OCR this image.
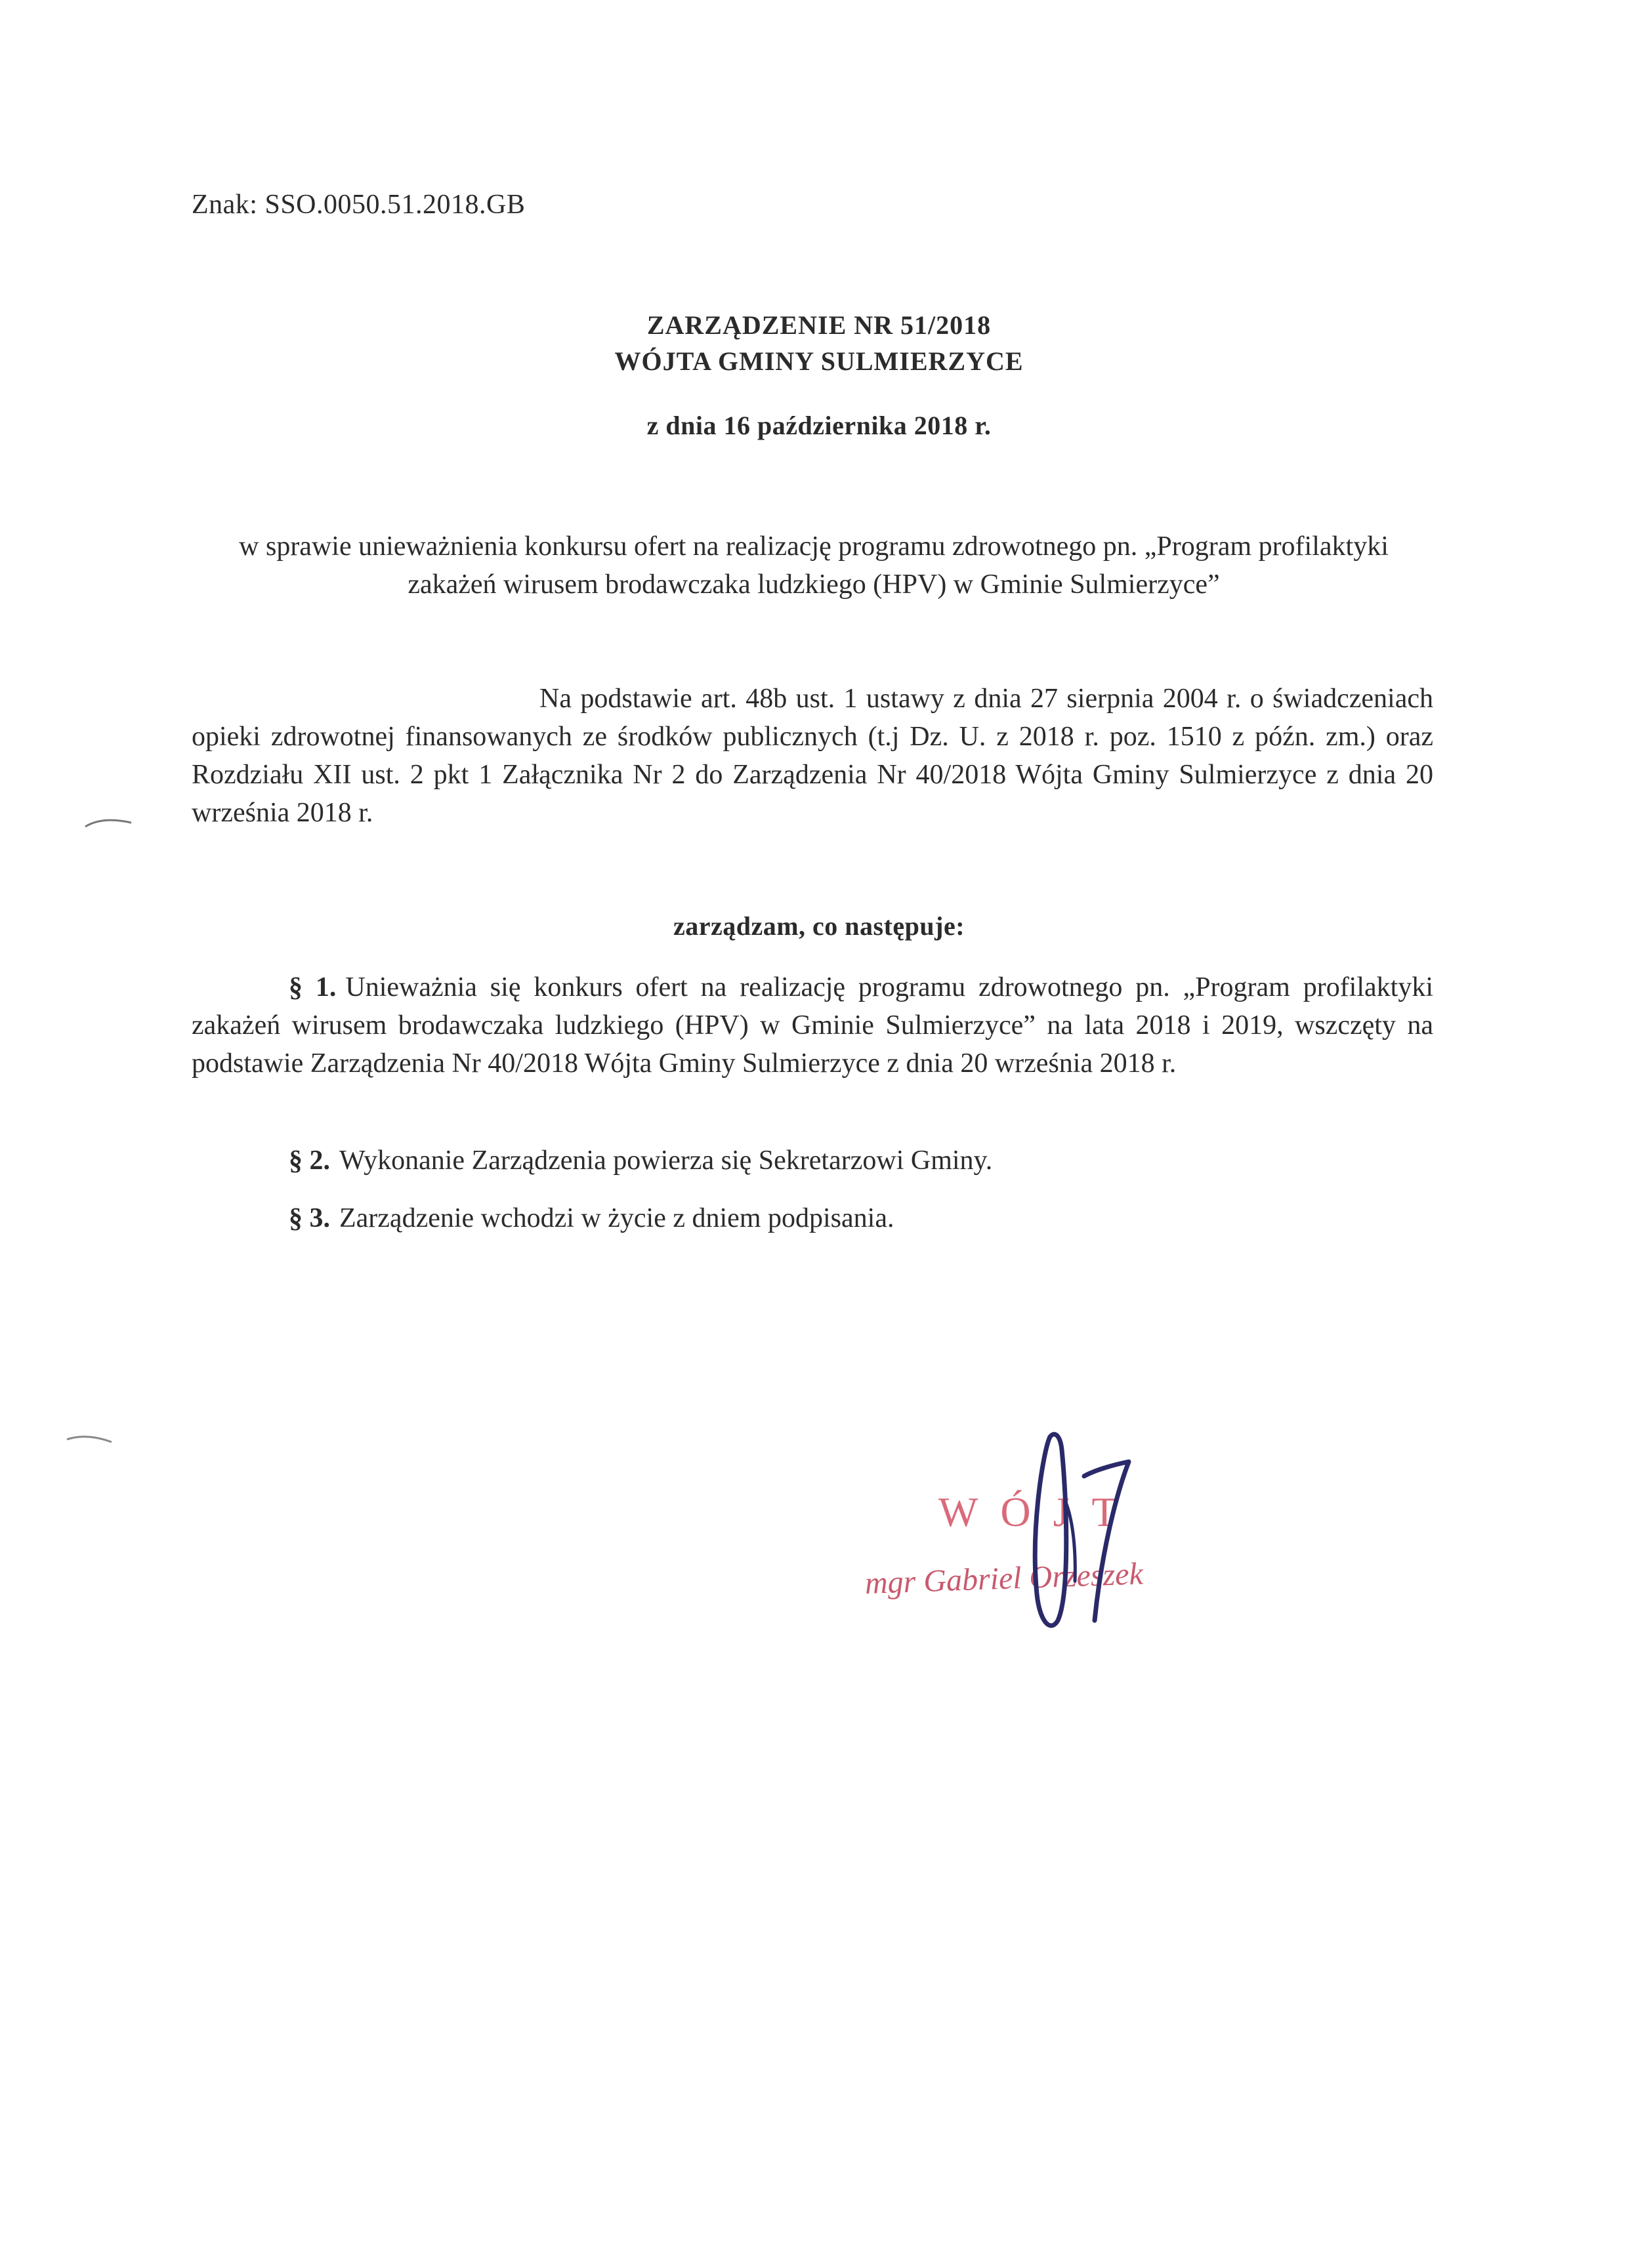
Znak: SSO.0050.51.2018.GB

ZARZĄDZENIE NR 51/2018

WÓJTA GMINY SULMIERZYCE

z dnia 16 października 2018 r.

w sprawie unieważnienia konkursu ofert na realizację programu zdrowotnego pn. „Program profilaktyki zakażeń wirusem brodawczaka ludzkiego (HPV) w Gminie Sulmierzyce”

Na podstawie art. 48b ust. 1 ustawy z dnia 27 sierpnia 2004 r. o świadczeniach opieki zdrowotnej finansowanych ze środków publicznych (t.j Dz. U. z 2018 r. poz. 1510 z późn. zm.) oraz Rozdziału XII ust. 2 pkt 1 Załącznika Nr 2 do Zarządzenia Nr 40/2018 Wójta Gminy Sulmierzyce z dnia 20 września 2018 r.

zarządzam, co następuje:

§ 1. Unieważnia się konkurs ofert na realizację programu zdrowotnego pn. „Program profilaktyki zakażeń wirusem brodawczaka ludzkiego (HPV) w Gminie Sulmierzyce” na lata 2018 i 2019, wszczęty na podstawie Zarządzenia Nr 40/2018 Wójta Gminy Sulmierzyce z dnia 20 września 2018 r.

§ 2. Wykonanie Zarządzenia powierza się Sekretarzowi Gminy.

§ 3. Zarządzenie wchodzi w życie z dniem podpisania.

WÓJT
mgr Gabriel Orzeszek
